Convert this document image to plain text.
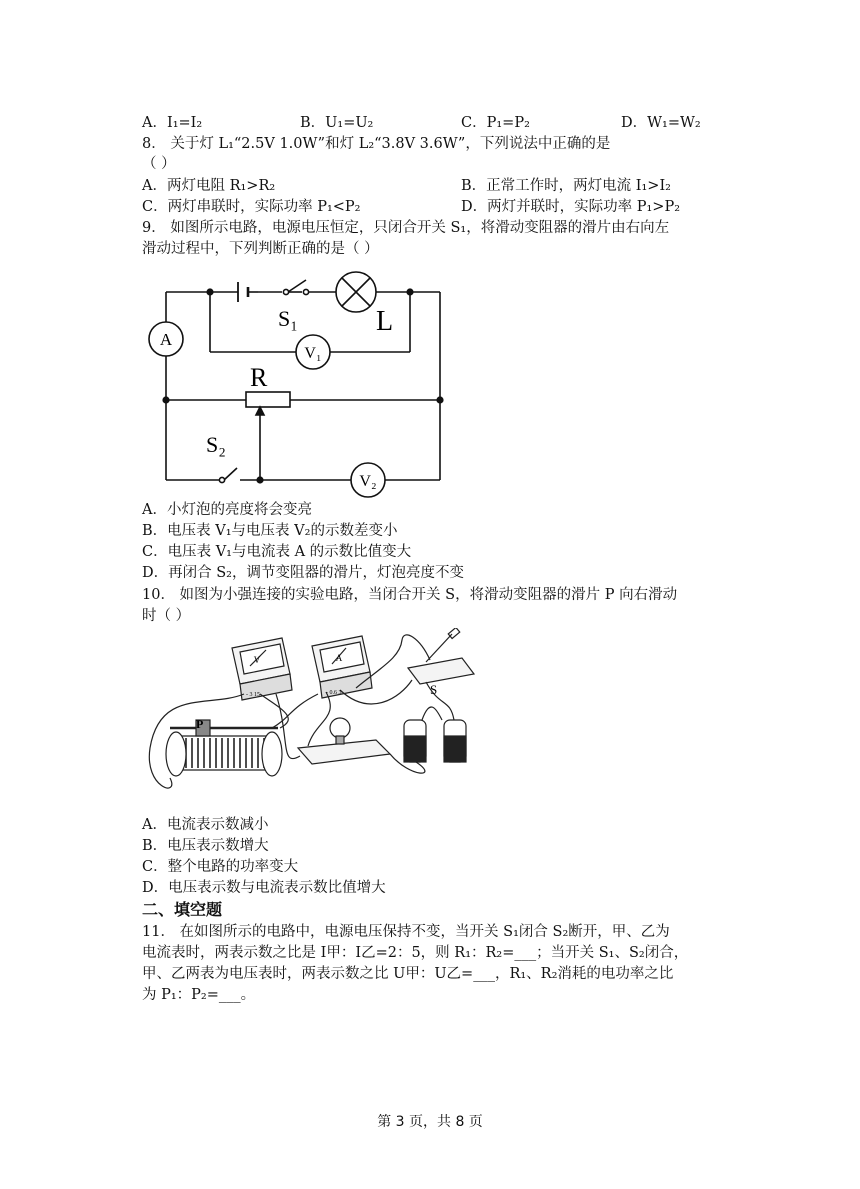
A．I₁=I₂	B．U₁=U₂	C．P₁=P₂	D．W₁=W₂
8． 关于灯 L₁“2.5V 1.0W”和灯 L₂“3.8V 3.6W”，下列说法中正确的是
（ ）
A．两灯电阻 R₁>R₂	B．正常工作时，两灯电流 I₁>I₂
C．两灯串联时，实际功率 P₁<P₂	D．两灯并联时，实际功率 P₁>P₂
9． 如图所示电路，电源电压恒定，只闭合开关 S₁，将滑动变阻器的滑片由右向左
滑动过程中，下列判断正确的是（ ）
A
S₁	L
V₁
R
S₂
V₂
A．小灯泡的亮度将会变亮
B．电压表 V₁与电压表 V₂的示数差变小
C．电压表 V₁与电流表 A 的示数比值变大
D．再闭合 S₂，调节变阻器的滑片，灯泡亮度不变
10． 如图为小强连接的实验电路，当闭合开关 S，将滑动变阻器的滑片 P 向右滑动
时（ ）
P
S
V	A
- 3 15	- 0.6 3
A．电流表示数减小
B．电压表示数增大
C．整个电路的功率变大
D．电压表示数与电流表示数比值增大
二、填空题
11． 在如图所示的电路中，电源电压保持不变，当开关 S₁闭合 S₂断开，甲、乙为
电流表时，两表示数之比是 I甲：I乙=2：5，则 R₁：R₂=___；当开关 S₁、S₂闭合，
甲、乙两表为电压表时，两表示数之比 U甲：U乙=___，R₁、R₂消耗的电功率之比
为 P₁：P₂=___。
第 3 页，共 8 页
